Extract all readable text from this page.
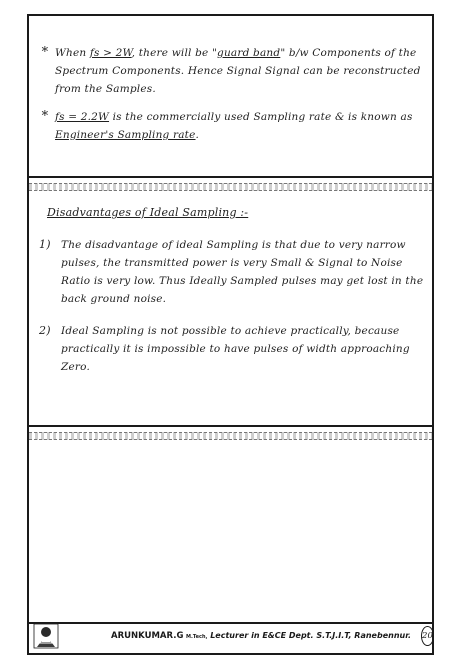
* When fs > 2W, there will be "guard band" b/w Components of the Spectrum Components. Hence Signal Signal can be reconstructed from the Samples.
* fs = 2.2W is the commercially used Sampling rate & is known as Engineer's Sampling rate.
Disadvantages of Ideal Sampling :-
1) The disadvantage of ideal Sampling is that due to very narrow pulses, the transmitted power is very Small & Signal to Noise Ratio is very low. Thus Ideally Sampled pulses may get lost in the back ground noise.
2) Ideal Sampling is not possible to achieve practically, because practically it is impossible to have pulses of width approaching Zero.
ARUNKUMAR.G M.Tech, Lecturer in E&CE Dept. S.T.J.I.T, Ranebennur. 20
